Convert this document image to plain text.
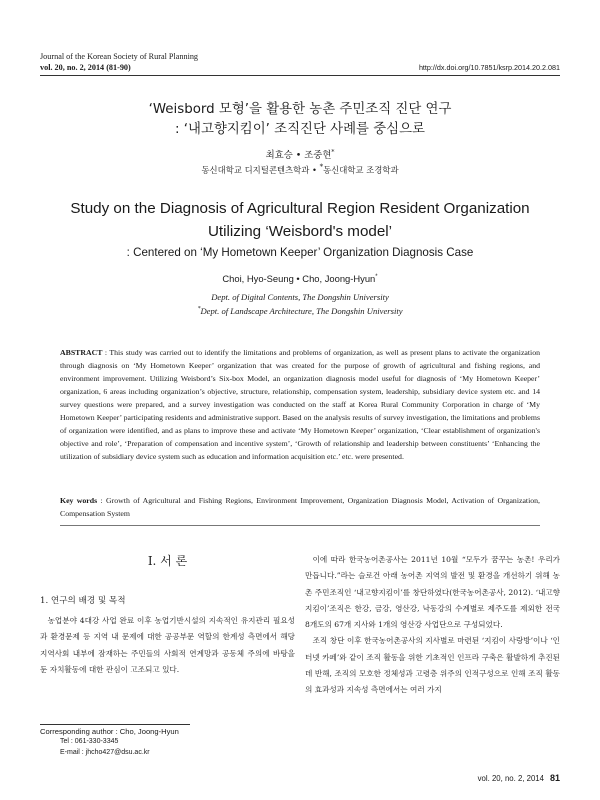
Journal of the Korean Society of Rural Planning
vol. 20, no. 2, 2014 (81-90)	http://dx.doi.org/10.7851/ksrp.2014.20.2.081
‘Weisbord 모형’을 활용한 농촌 주민조직 진단 연구
: ‘내고향지킴이’ 조직진단 사례를 중심으로
최효승 • 조중현*
동신대학교 디지털콘텐츠학과 • *동신대학교 조경학과
Study on the Diagnosis of Agricultural Region Resident Organization
Utilizing ‘Weisbord's model’
: Centered on ‘My Hometown Keeper’ Organization Diagnosis Case
Choi, Hyo-Seung • Cho, Joong-Hyun*
Dept. of Digital Contents, The Dongshin University
*Dept. of Landscape Architecture, The Dongshin University
ABSTRACT : This study was carried out to identify the limitations and problems of organization, as well as present plans to activate the organization through diagnosis on ‘My Hometown Keeper’ organization that was created for the purpose of growth of agricultural and fishing regions, and environment improvement. Utilizing Weisbord’s Six-box Model, an organization diagnosis model useful for diagnosis of ‘My Hometown Keeper’ organization, 6 areas including organization’s objective, structure, relationship, compensation system, leadership, subsidiary device system etc. and 14 survey questions were prepared, and a survey investigation was conducted on the staff at Korea Rural Community Corporation in charge of ‘My Hometown Keeper’ participating residents and administrative support. Based on the analysis results of survey investigation, the limitations and problems of organization were identified, and as plans to improve these and activate ‘My Hometown Keeper’ organization, ‘Clear establishment of organization's objective and role’, ‘Preparation of compensation and incentive system’, ‘Growth of relationship and leadership between constituents’ ‘Enhancing the utilization of subsidiary device system such as education and information acquisition etc.’ etc. were presented.
Key words : Growth of Agricultural and Fishing Regions, Environment Improvement, Organization Diagnosis Model, Activation of Organization, Compensation System
I. 서 론
1. 연구의 배경 및 목적
농업분야 4대강 사업 완료 이후 농업기반시설의 지속적인 유지관리 필요성과 환경문제 등 지역 내 문제에 대한 공공부문 역할의 한계성 측면에서 해당 지역사회 내부에 잠재하는 주민들의 사회적 연계망과 공동체 주의에 바탕을 둔 자치활동에 대한 관심이 고조되고 있다.
Corresponding author : Cho, Joong-Hyun
Tel : 061-330-3345
E-mail : jhcho427@dsu.ac.kr

이에 따라 한국농어촌공사는 2011년 10월 “모두가 꿈꾸는 농촌! 우리가 만듭니다.”라는 슬로건 아래 농어촌 지역의 발전 및 환경을 개선하기 위해 농촌 주민조직인 ‘내고향지킴이’를 창단하였다(한국농어촌공사, 2012). ‘내고향지킴이’조직은 한강, 금강, 영산강, 낙동강의 수계별로 제주도를 제외한 전국 8개도의 67개 지사와 1개의 영산강 사업단으로 구성되었다.

조직 창단 이후 한국농어촌공사의 지사별로 마련된 ‘지킴이 사랑방’이나 ‘인터넷 카페’와 같이 조직 활동을 위한 기초적인 인프라 구축은 활발하게 추진된데 반해, 조직의 모호한 정체성과 고령층 위주의 인적구성으로 인해 조직 활동의 효과성과 지속성 측면에서는 여러 가지

vol. 20, no. 2, 2014 81
